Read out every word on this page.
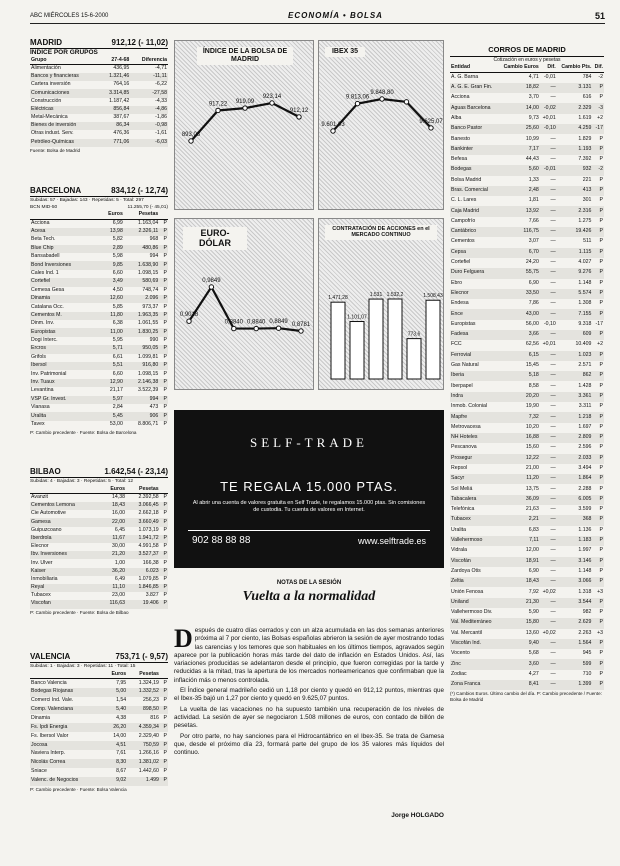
ABC MIÉRCOLES 15-6-2000	ECONOMÍA • BOLSA	51
MADRID	912,12 (- 11,02)
ÍNDICE POR GRUPOS
Grupo	27-4-68	Diferencia
Alimentación	436,95	-4,71
Bancos y financieras	1.321,46	-11,11
Cartera inversión	764,16	-6,22
Comunicaciones	3.314,85	-27,58
Construcción	1.187,42	-4,33
Eléctricas	856,84	-4,86
Metal-Mecánica	387,67	-1,86
Bienes de inversión	86,34	-0,98
Otras indust. Serv.	476,36	-1,61
Petróleo-Químicas	771,06	-6,03
Fuente: Bolsa de Madrid
BARCELONA	834,12 (- 12,74)
Subidas: 57 · Bajadas: 143 · Repetidas: 5 · Total: 297
BCN MID-50	11.255,70 (- 45,01)
	Euros	Pesetas	
Acciona	6,99	1.163,04	P
Acesa	13,98	2.326,11	P
Beta Tech.	5,82	968	P
Blue Chip	2,89	480,86	P
Bansabadell	5,98	994	P
Bond Inversiones	9,85	1.638,90	P
Cales Ind. 1	6,60	1.098,15	P
Cortefiel	3,49	580,69	P
Cemesa Gesa	4,50	748,74	P
Dinamia	12,60	2.096	P
Catalana Occ.	5,85	973,37	P
Cementos M.	11,80	1.963,35	P
Dinm. Inv.	6,38	1.061,55	P
Europistas	11,00	1.830,25	P
Dogi Interc.	5,95	990	P
Ercros	5,71	950,05	P
Grifols	6,61	1.099,81	P
Ibersol	5,51	916,80	P
Inv. Patrimonial	6,60	1.098,15	P
Inv. Tuaux	12,90	2.146,38	P
Levantina	21,17	3.522,39	P
VSP Gr. Invest.	5,97	994	P
Vianasa	2,84	473	P
Uralita	5,45	906	P
Tavex	53,00	8.806,71	P
P: Cambio precedente · Fuente: Bolsa de Barcelona
BILBAO	1.642,54 (- 23,14)
Subidas: 4 · Bajadas: 3 · Repetidas: 5 · Total: 12
	Euros	Pesetas	
Avanzit	14,38	2.392,58	P
Cementos Lemona	18,43	3.066,45	P
Cie Automotive	16,00	2.662,18	P
Gamesa	22,00	3.660,49	P
Guipuzcoano	6,45	1.073,19	P
Iberdrola	11,67	1.941,72	P
Elecnor	30,00	4.991,58	P
Ibv. Inversiones	21,20	3.527,37	P
Inv. Ulver	1,00	166,38	P
Kaiser	36,20	6.023	P
Inmobiliaria	6,49	1.079,85	P
Reyal	11,10	1.846,85	P
Tubacex	23,00	3.827	P
Viscofan	116,63	19.406	P
P: Cambio precedente · Fuente: Bolsa de Bilbao
VALENCIA	753,71 (- 9,57)
Subidas: 1 · Bajadas: 3 · Repetidas: 11 · Total: 15
	Euros	Pesetas	
Banco Valencia	7,95	1.324,19	P
Bodegas Riojanas	5,00	1.332,52	P
Comerci Ind. Vale.	1,54	256,23	P
Comp. Valenciana	5,40	898,50	P
Dinamia	4,38	816	P
Fs. Ipdi Energia	26,20	4.359,34	P
Fs. Ibersol Valor	14,00	2.329,40	P
Jocosa	4,51	750,59	P
Naviera Interp.	7,61	1.266,16	P
Nicolás Correa	8,30	1.381,02	P
Sniace	8,67	1.442,60	P
Valenc. de Negocios	9,02	1.499	P
P: Cambio precedente · Fuente: Bolsa Valencia
ÍNDICE DE LA BOLSA DE MADRID
893,03
917,22 919,09
923,14
912,12
IBEX 35
9.601,03
9.813,06
9.848,80
9.625,07
EURO-DÓLAR
0,9018
0,9849
0,8840 0,8840 0,8849 0,8781
CONTRATACIÓN DE ACCIONES en el MERCADO CONTINUO
1.471,28
1.101,07
1.531 1.532,2
773,6
1.508,43
SELF-TRADE
TE REGALA 15.000 PTAS.
Al abrir una cuenta de valores gratuita en Self Trade, te regalamos 15.000 ptas. Sin comisiones de custodia. Tu cuenta de valores en Internet.
902 88 88 88	www.selftrade.es
NOTAS DE LA SESIÓN
Vuelta a la normalidad

Después de cuatro días cerrados y con un alza acumulada en las dos semanas anteriores próxima al 7 por ciento, las Bolsas españolas abrieron la sesión de ayer mostrando todas las carencias y los temores que son habituales en los últimos tiempos, agravados según aparece por la publicación horas más tarde del dato de inflación en Estados Unidos. Así, las variaciones producidas se adelantaron desde el principio, que fueron corregidas por la tarde y reducidas a la mitad, tras la apertura de los mercados norteamericanos que confirmaban que la inflación más o menos controlada.

El Índice general madrileño cedió un 1,18 por ciento y quedó en 912,12 puntos, mientras que el Ibex-35 bajó un 1,27 por ciento y quedó en 9.625,07 puntos.

La vuelta de las vacaciones no ha supuesto también una recuperación de los niveles de actividad. La sesión de ayer se negociaron 1.508 millones de euros, con contado de billón de pesetas.

Por otro parte, no hay sanciones para el Hidrocantábrico en el Ibex-35. Se trata de Gamesa que, desde el próximo día 23, formará parte del grupo de los 35 valores más líquidos del continuo.

Jorge HOLGADO
CORROS DE MADRID
Cotización en euros y pesetas
Entidad	Cambio Euros	Dif.	Cambio Pts.	Dif.
A. G. Barna	4,71	-0,01	784	-2
A. G. E. Gran Fin.	18,82	—	3.131	P
Acciona	3,70	—	616	P
Aguas Barcelona	14,00	-0,02	2.329	-3
Alba	9,73	+0,01	1.619	+2
Banco Pastor	25,60	-0,10	4.259	-17
Banesto	10,99	—	1.829	P
Bankinter	7,17	—	1.193	P
Befesa	44,43	—	7.392	P
Bodegas	5,60	-0,01	932	-2
Bolsa Madrid	1,33	—	221	P
Bras. Comercial	2,48	—	413	P
C. L. Lares	1,81	—	301	P
Caja Madrid	13,92	—	2.316	P
Campofrío	7,66	—	1.275	P
Cantábrico	116,75	—	19.426	P
Cementos	3,07	—	511	P
Cepsa	6,70	—	1.115	P
Cortefiel	24,20	—	4.027	P
Duro Felguera	55,75	—	9.276	P
Ebro	6,90	—	1.148	P
Elecnor	33,50	—	5.574	P
Endesa	7,86	—	1.308	P
Ence	43,00	—	7.155	P
Europistas	56,00	-0,10	9.318	-17
Fadesa	3,66	—	609	P
FCC	62,56	+0,01	10.409	+2
Ferrovial	6,15	—	1.023	P
Gas Natural	15,45	—	2.571	P
Iberia	5,18	—	862	P
Iberpapel	8,58	—	1.428	P
Indra	20,20	—	3.361	P
Inmob. Colonial	19,90	—	3.311	P
Mapfre	7,32	—	1.218	P
Metrovacesa	10,20	—	1.697	P
NH Hoteles	16,88	—	2.809	P
Pescanova	15,60	—	2.596	P
Prosegur	12,22	—	2.033	P
Repsol	21,00	—	3.494	P
Sacyr	11,20	—	1.864	P
Sol Meliá	13,75	—	2.288	P
Tabacalera	36,09	—	6.005	P
Telefónica	21,63	—	3.599	P
Tubacex	2,21	—	368	P
Uralita	6,83	—	1.136	P
Vallehermoso	7,11	—	1.183	P
Vidrala	12,00	—	1.997	P
Viscofán	18,91	—	3.146	P
Zardoya Otis	6,90	—	1.148	P
Zeltia	18,43	—	3.066	P
Unión Fenosa	7,92	+0,02	1.318	+3
Uniland	21,30	—	3.544	P
Vallehermoso Div.	5,90	—	982	P
Val. Mediterráneo	15,80	—	2.629	P
Val. Mercantil	13,60	+0,02	2.263	+3
Viscofán Ind.	9,40	—	1.564	P
Vocento	5,68	—	945	P
Zinc	3,60	—	599	P
Zodiac	4,27	—	710	P
Zona Franca	8,41	—	1.399	P
(*) Cambios Euros. Último cambio del día. P: Cambio precedente / Fuente: Bolsa de Madrid
